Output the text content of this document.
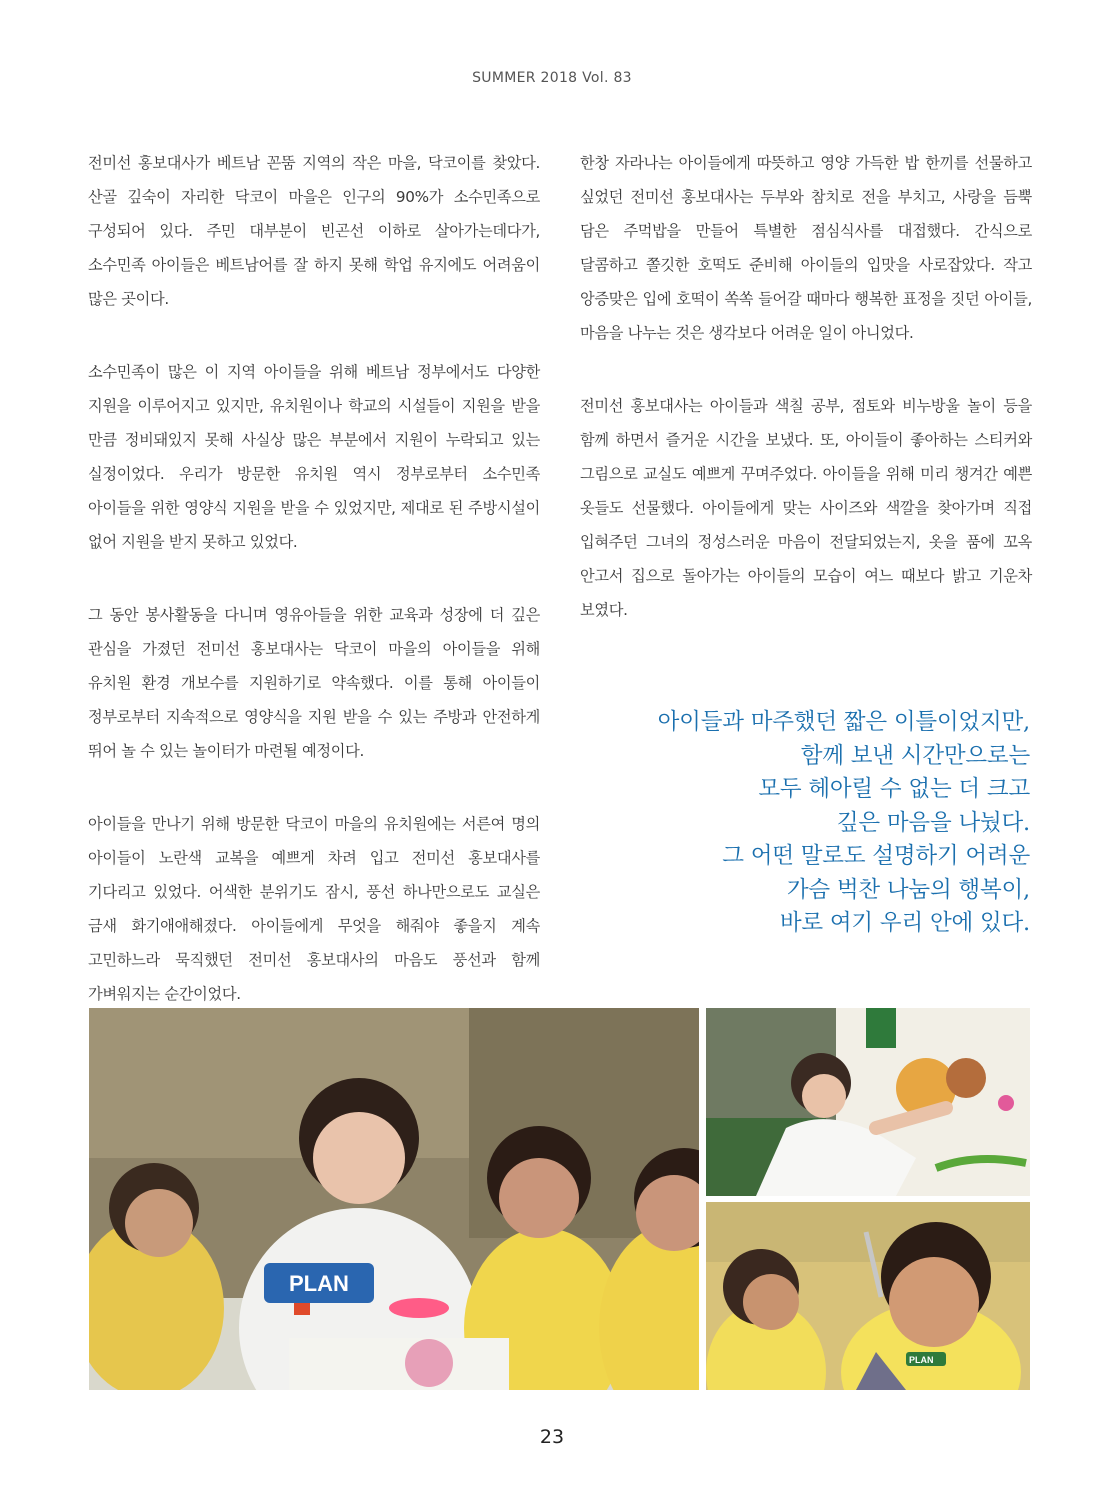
SUMMER 2018 Vol. 83

전미선 홍보대사가 베트남 꼰뚬 지역의 작은 마을, 닥코이를 찾았다. 산골 깊숙이 자리한 닥코이 마을은 인구의 90%가 소수민족으로 구성되어 있다. 주민 대부분이 빈곤선 이하로 살아가는데다가, 소수민족 아이들은 베트남어를 잘 하지 못해 학업 유지에도 어려움이 많은 곳이다.

소수민족이 많은 이 지역 아이들을 위해 베트남 정부에서도 다양한 지원을 이루어지고 있지만, 유치원이나 학교의 시설들이 지원을 받을 만큼 정비돼있지 못해 사실상 많은 부분에서 지원이 누락되고 있는 실정이었다. 우리가 방문한 유치원 역시 정부로부터 소수민족 아이들을 위한 영양식 지원을 받을 수 있었지만, 제대로 된 주방시설이 없어 지원을 받지 못하고 있었다.

그 동안 봉사활동을 다니며 영유아들을 위한 교육과 성장에 더 깊은 관심을 가졌던 전미선 홍보대사는 닥코이 마을의 아이들을 위해 유치원 환경 개보수를 지원하기로 약속했다. 이를 통해 아이들이 정부로부터 지속적으로 영양식을 지원 받을 수 있는 주방과 안전하게 뛰어 놀 수 있는 놀이터가 마련될 예정이다.

아이들을 만나기 위해 방문한 닥코이 마을의 유치원에는 서른여 명의 아이들이 노란색 교복을 예쁘게 차려 입고 전미선 홍보대사를 기다리고 있었다. 어색한 분위기도 잠시, 풍선 하나만으로도 교실은 금새 화기애애해졌다. 아이들에게 무엇을 해줘야 좋을지 계속 고민하느라 묵직했던 전미선 홍보대사의 마음도 풍선과 함께 가벼워지는 순간이었다.

한창 자라나는 아이들에게 따뜻하고 영양 가득한 밥 한끼를 선물하고 싶었던 전미선 홍보대사는 두부와 참치로 전을 부치고, 사랑을 듬뿍 담은 주먹밥을 만들어 특별한 점심식사를 대접했다. 간식으로 달콤하고 쫄깃한 호떡도 준비해 아이들의 입맛을 사로잡았다. 작고 앙증맞은 입에 호떡이 쏙쏙 들어갈 때마다 행복한 표정을 짓던 아이들, 마음을 나누는 것은 생각보다 어려운 일이 아니었다.

전미선 홍보대사는 아이들과 색칠 공부, 점토와 비누방울 놀이 등을 함께 하면서 즐거운 시간을 보냈다. 또, 아이들이 좋아하는 스티커와 그림으로 교실도 예쁘게 꾸며주었다. 아이들을 위해 미리 챙겨간 예쁜 옷들도 선물했다. 아이들에게 맞는 사이즈와 색깔을 찾아가며 직접 입혀주던 그녀의 정성스러운 마음이 전달되었는지, 옷을 품에 꼬옥 안고서 집으로 돌아가는 아이들의 모습이 여느 때보다 밝고 기운차 보였다.

아이들과 마주했던 짧은 이틀이었지만,
함께 보낸 시간만으로는
모두 헤아릴 수 없는 더 크고
깊은 마음을 나눴다.
그 어떤 말로도 설명하기 어려운
가슴 벅찬 나눔의 행복이,
바로 여기 우리 안에 있다.
PLAN
PLAN
23
